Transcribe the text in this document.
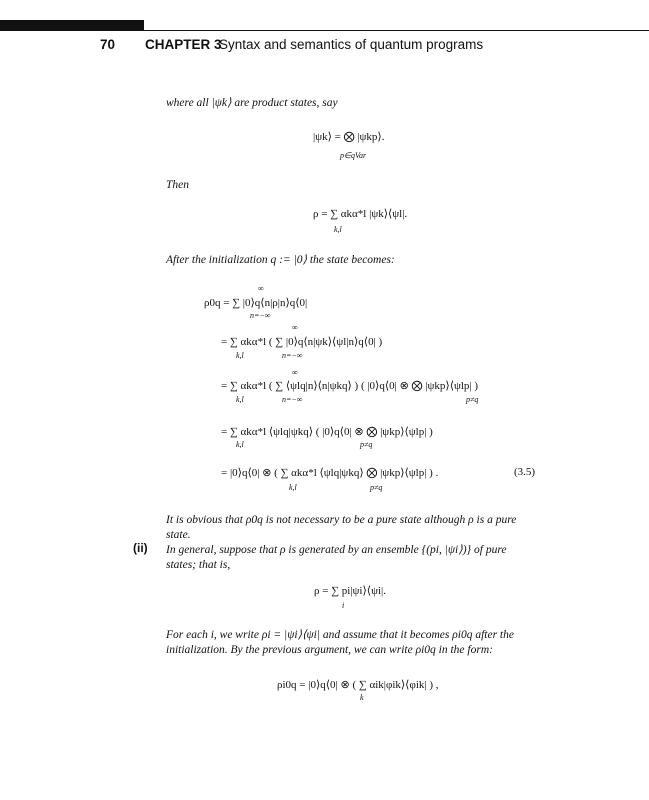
70 CHAPTER 3
Syntax and semantics of quantum programs
where all |ψk⟩ are product states, say
|ψk⟩ = ⨂ |ψkp⟩.
p∈qVar
Then
ρ = ∑ αkα*l |ψk⟩⟨ψl|.
k,l
After the initialization q := |0⟩ the state becomes:
∞
ρ0q = ∑ |0⟩q⟨n|ρ|n⟩q⟨0|
n=−∞
∞
= ∑ αkα*l ( ∑ |0⟩q⟨n|ψk⟩⟨ψl|n⟩q⟨0| )
k,l	n=−∞
∞
= ∑ αkα*l ( ∑ ⟨ψlq|n⟩⟨n|ψkq⟩ ) ( |0⟩q⟨0| ⊗ ⨂ |ψkp⟩⟨ψlp| )
k,l	n=−∞	p≠q
= ∑ αkα*l ⟨ψlq|ψkq⟩ ( |0⟩q⟨0| ⊗ ⨂ |ψkp⟩⟨ψlp| )
k,l	p≠q
= |0⟩q⟨0| ⊗ ( ∑ αkα*l ⟨ψlq|ψkq⟩ ⨂ |ψkp⟩⟨ψlp| ) .
k,l	p≠q
(3.5)
It is obvious that ρ0q is not necessary to be a pure state although ρ is a pure state.
(ii) In general, suppose that ρ is generated by an ensemble {(pi, |ψi⟩)} of pure states; that is,
ρ = ∑ pi|ψi⟩⟨ψi|.
i
For each i, we write ρi = |ψi⟩⟨ψi| and assume that it becomes ρi0q after the initialization. By the previous argument, we can write ρi0q in the form:
ρi0q = |0⟩q⟨0| ⊗ ( ∑ αik|φik⟩⟨φik| ) ,
k
